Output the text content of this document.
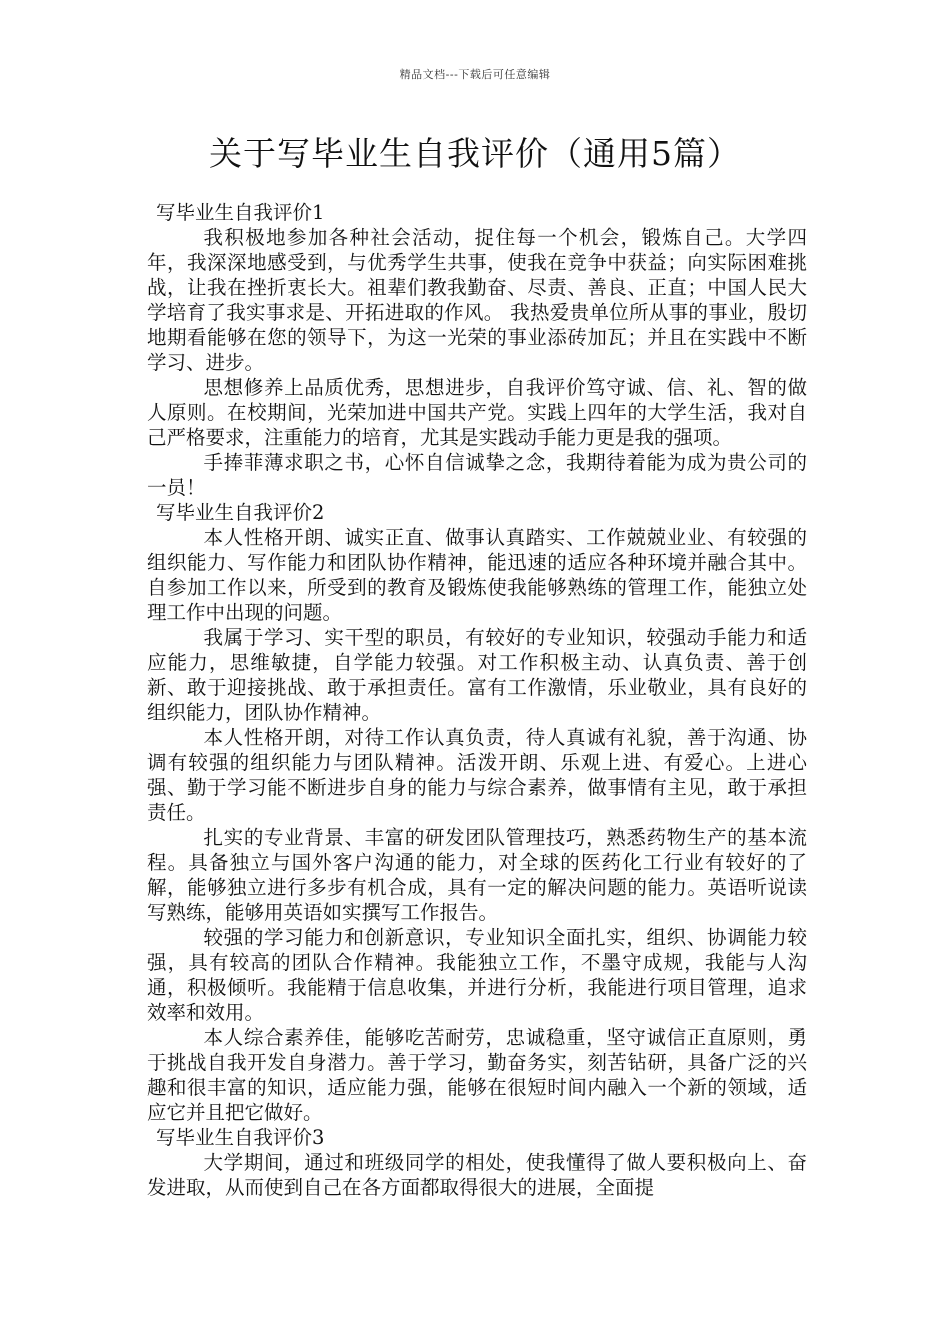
精品文档---下载后可任意编辑
关于写毕业生自我评价（通用5篇）

写毕业生自我评价1

我积极地参加各种社会活动，捉住每一个机会，锻炼自己。大学四年，我深深地感受到，与优秀学生共事，使我在竞争中获益；向实际困难挑战，让我在挫折衷长大。祖辈们教我勤奋、尽责、善良、正直；中国人民大学培育了我实事求是、开拓进取的作风。 我热爱贵单位所从事的事业，殷切地期看能够在您的领导下，为这一光荣的事业添砖加瓦；并且在实践中不断学习、进步。

思想修养上品质优秀，思想进步，自我评价笃守诚、信、礼、智的做人原则。在校期间，光荣加进中国共产党。实践上四年的大学生活，我对自己严格要求，注重能力的培育，尤其是实践动手能力更是我的强项。

手捧菲薄求职之书，心怀自信诚挚之念，我期待着能为成为贵公司的一员！

写毕业生自我评价2

本人性格开朗、诚实正直、做事认真踏实、工作兢兢业业、有较强的组织能力、写作能力和团队协作精神，能迅速的适应各种环境并融合其中。自参加工作以来，所受到的教育及锻炼使我能够熟练的管理工作，能独立处理工作中出现的问题。

我属于学习、实干型的职员，有较好的专业知识，较强动手能力和适应能力，思维敏捷，自学能力较强。对工作积极主动、认真负责、善于创新、敢于迎接挑战、敢于承担责任。富有工作激情，乐业敬业，具有良好的组织能力，团队协作精神。

本人性格开朗，对待工作认真负责，待人真诚有礼貌，善于沟通、协调有较强的组织能力与团队精神。活泼开朗、乐观上进、有爱心。上进心强、勤于学习能不断进步自身的能力与综合素养，做事情有主见，敢于承担责任。

扎实的专业背景、丰富的研发团队管理技巧，熟悉药物生产的基本流程。具备独立与国外客户沟通的能力，对全球的医药化工行业有较好的了解，能够独立进行多步有机合成，具有一定的解决问题的能力。英语听说读写熟练，能够用英语如实撰写工作报告。

较强的学习能力和创新意识，专业知识全面扎实，组织、协调能力较强，具有较高的团队合作精神。我能独立工作，不墨守成规，我能与人沟通，积极倾听。我能精于信息收集，并进行分析，我能进行项目管理，追求效率和效用。

本人综合素养佳，能够吃苦耐劳，忠诚稳重，坚守诚信正直原则，勇于挑战自我开发自身潜力。善于学习，勤奋务实，刻苦钻研，具备广泛的兴趣和很丰富的知识，适应能力强，能够在很短时间内融入一个新的领域，适应它并且把它做好。

写毕业生自我评价3

大学期间，通过和班级同学的相处，使我懂得了做人要积极向上、奋发进取，从而使到自己在各方面都取得很大的进展，全面提
